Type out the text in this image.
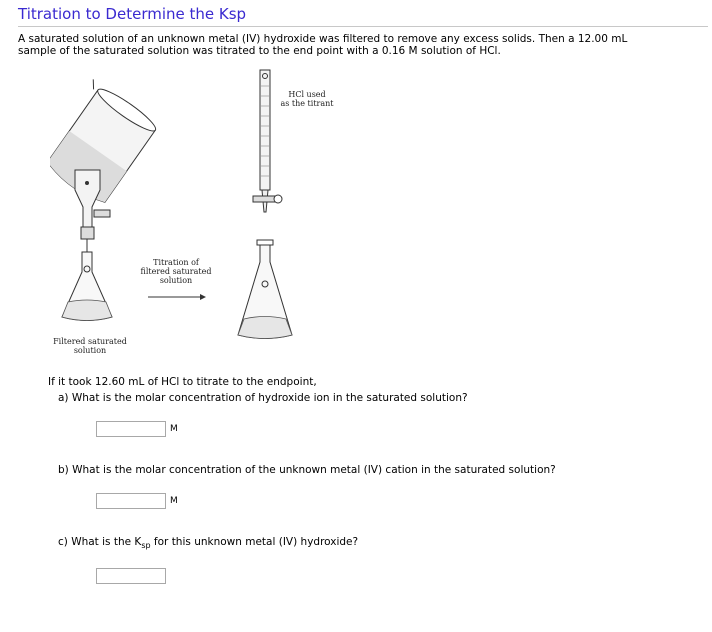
Titration to Determine the Ksp
A saturated solution of an unknown metal (IV) hydroxide was filtered to remove any excess solids. Then a 12.00 mL sample of the saturated solution was titrated to the end point with a 0.16 M solution of HCl.
HCl used
as the titrant
Titration of
filtered saturated
solution
Filtered saturated
solution
If it took 12.60 mL of HCl to titrate to the endpoint,
a) What is the molar concentration of hydroxide ion in the saturated solution?
M
b) What is the molar concentration of the unknown metal (IV) cation in the saturated solution?
M
c) What is the $K_{sp}$ for this unknown metal (IV) hydroxide?
